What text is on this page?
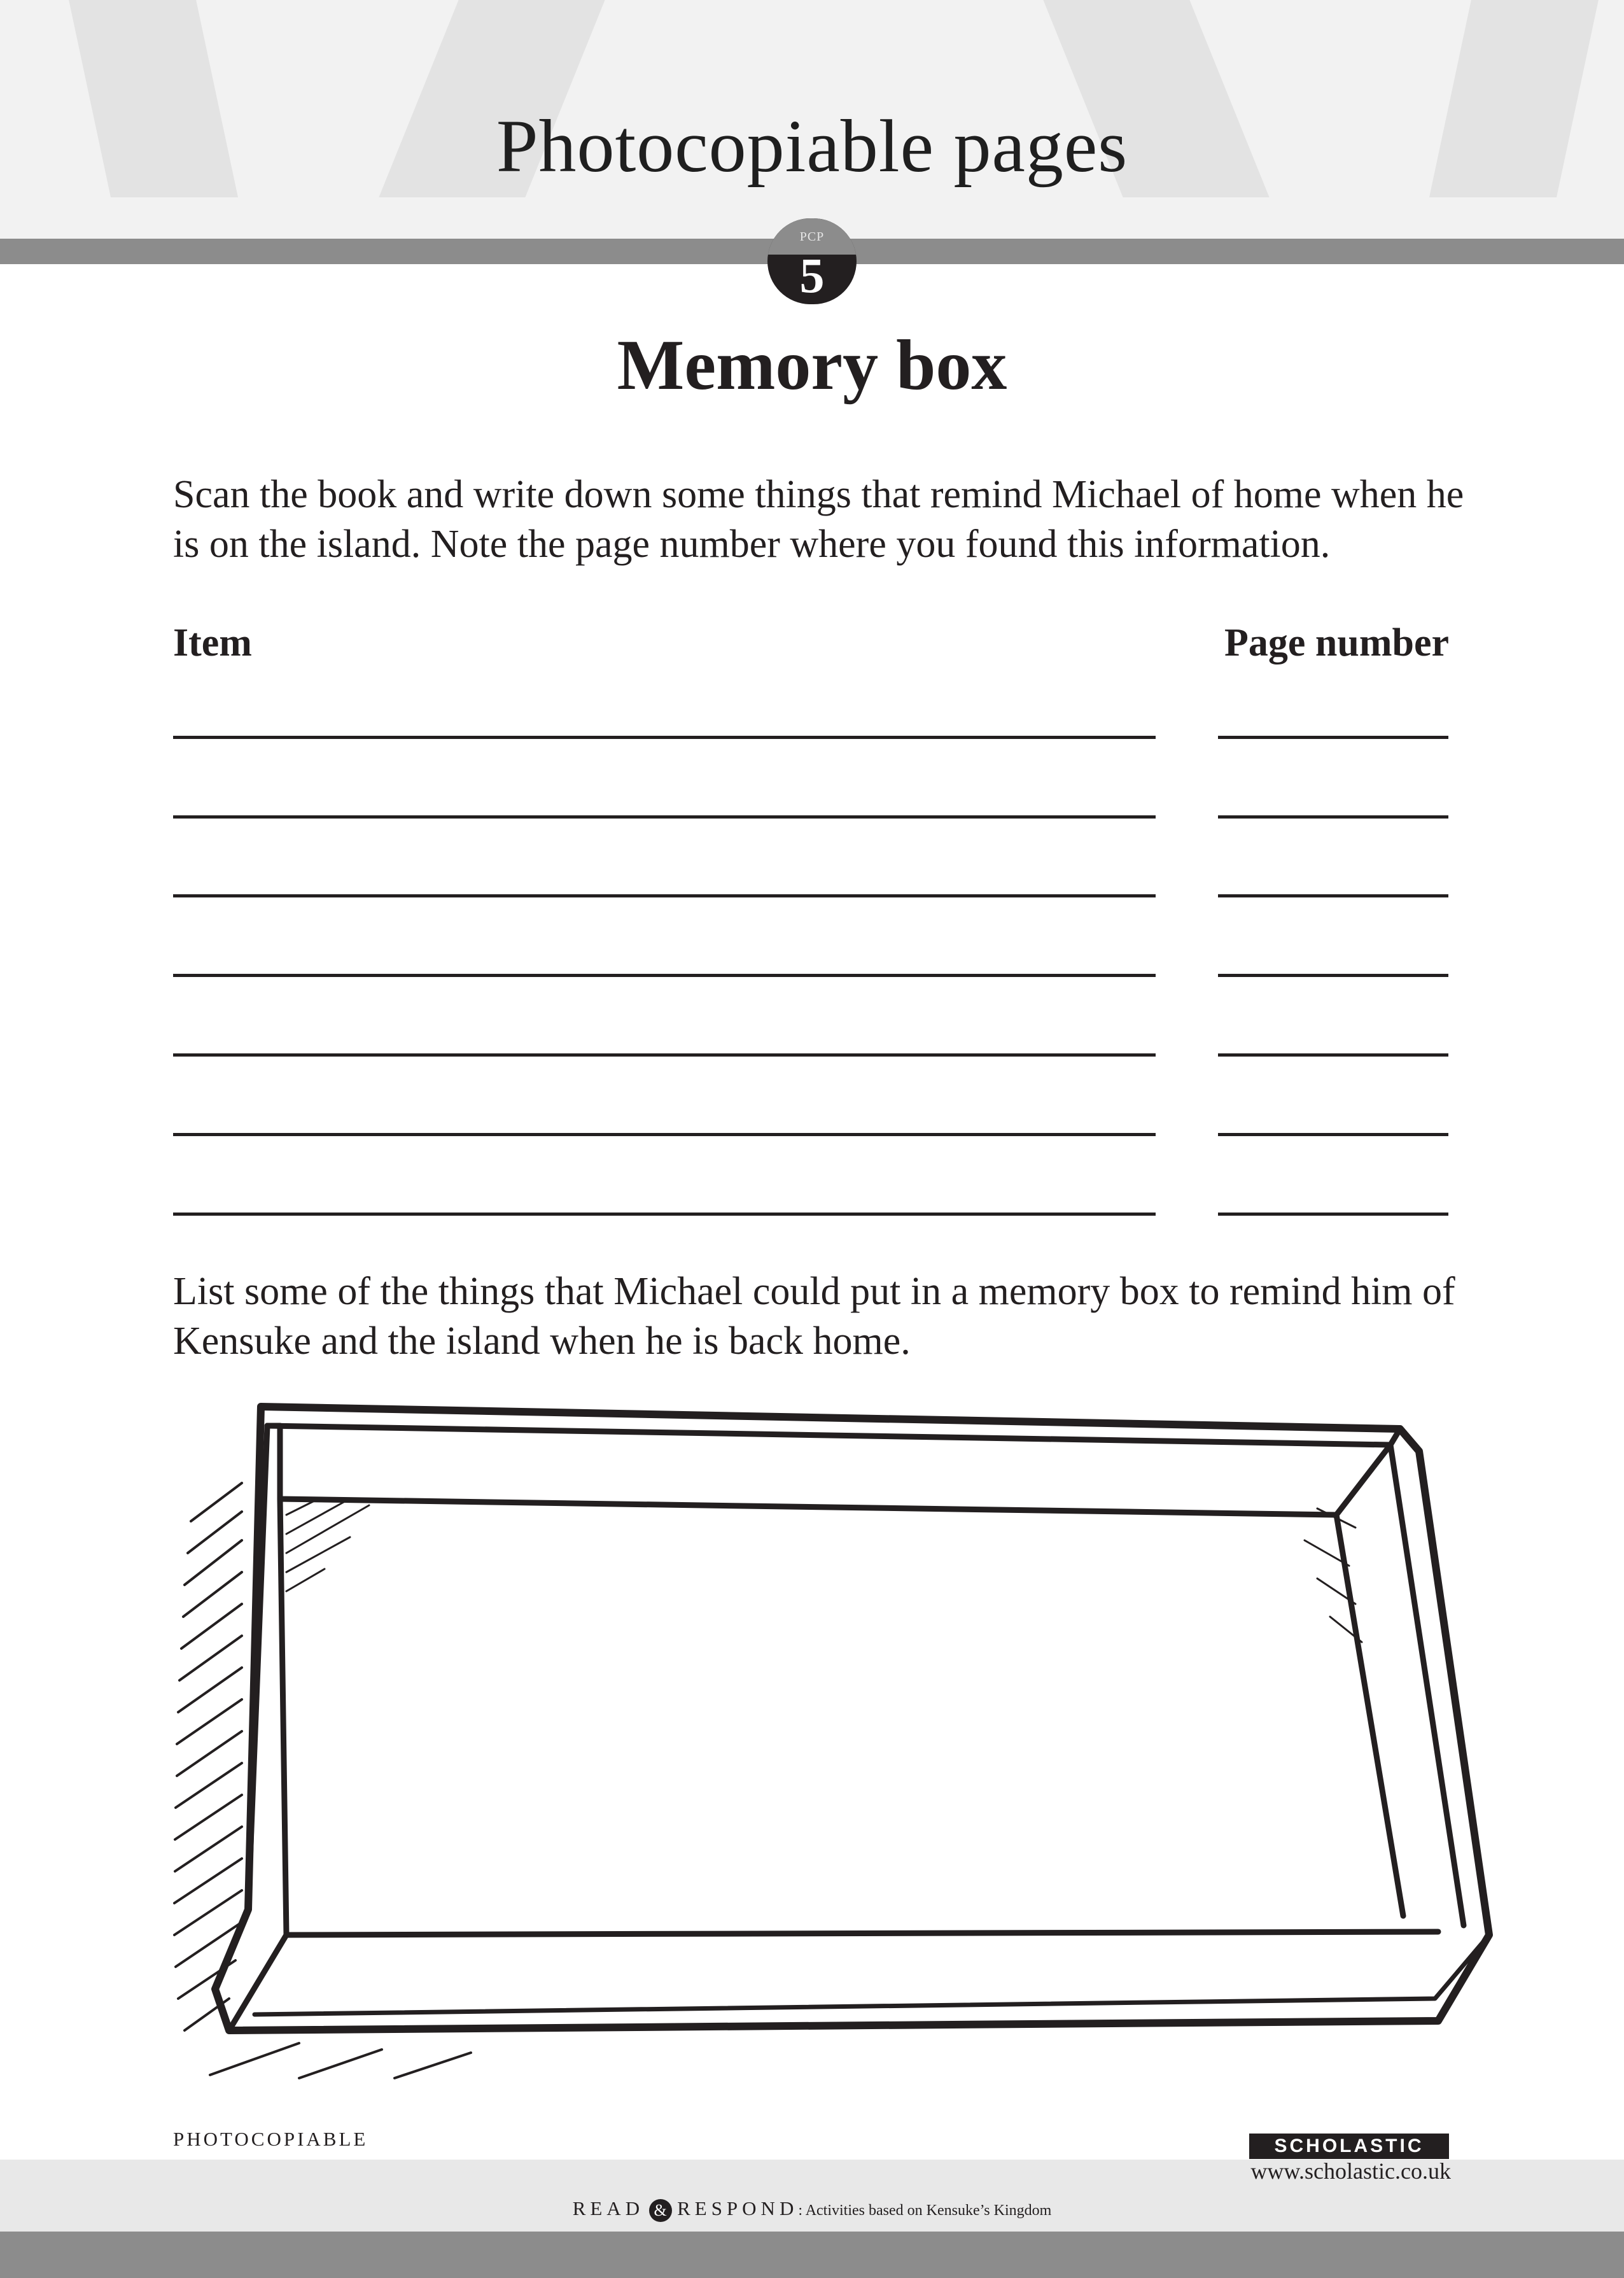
Photocopiable pages
PCP
5
Memory box
Scan the book and write down some things that remind Michael of home when he is on the island. Note the page number where you found this information.
Item	Page number
List some of the things that Michael could put in a memory box to remind him of Kensuke and the island when he is back home.
PHOTOCOPIABLE	SCHOLASTIC
www.scholastic.co.uk
READ & RESPOND: Activities based on Kensuke’s Kingdom
